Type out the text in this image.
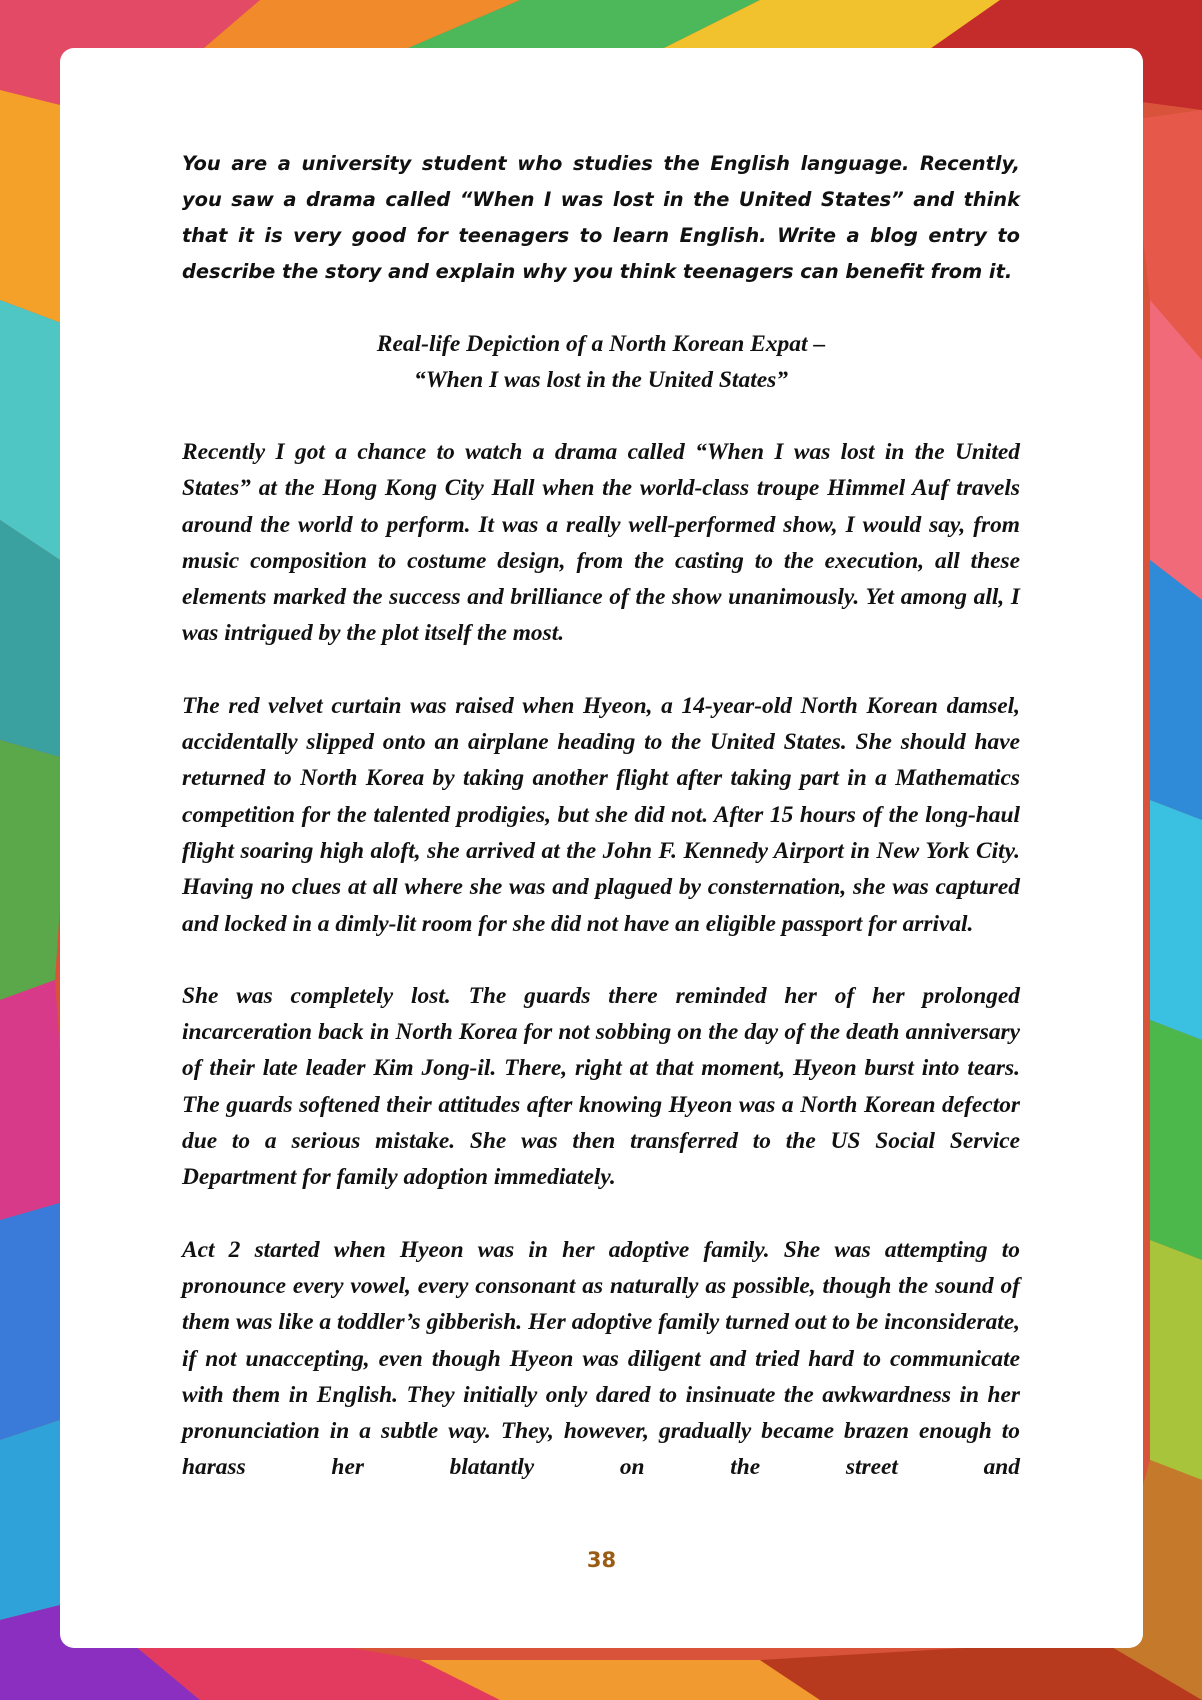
You are a university student who studies the English language. Recently, you saw a drama called “When I was lost in the United States” and think that it is very good for teenagers to learn English. Write a blog entry to describe the story and explain why you think teenagers can benefit from it.

Real-life Depiction of a North Korean Expat –
“When I was lost in the United States”

Recently I got a chance to watch a drama called “When I was lost in the United States” at the Hong Kong City Hall when the world-class troupe Himmel Auf travels around the world to perform. It was a really well-performed show, I would say, from music composition to costume design, from the casting to the execution, all these elements marked the success and brilliance of the show unanimously. Yet among all, I was intrigued by the plot itself the most.

The red velvet curtain was raised when Hyeon, a 14-year-old North Korean damsel, accidentally slipped onto an airplane heading to the United States. She should have returned to North Korea by taking another flight after taking part in a Mathematics competition for the talented prodigies, but she did not. After 15 hours of the long-haul flight soaring high aloft, she arrived at the John F. Kennedy Airport in New York City. Having no clues at all where she was and plagued by consternation, she was captured and locked in a dimly-lit room for she did not have an eligible passport for arrival.

She was completely lost. The guards there reminded her of her prolonged incarceration back in North Korea for not sobbing on the day of the death anniversary of their late leader Kim Jong-il. There, right at that moment, Hyeon burst into tears. The guards softened their attitudes after knowing Hyeon was a North Korean defector due to a serious mistake. She was then transferred to the US Social Service Department for family adoption immediately.

Act 2 started when Hyeon was in her adoptive family. She was attempting to pronounce every vowel, every consonant as naturally as possible, though the sound of them was like a toddler’s gibberish. Her adoptive family turned out to be inconsiderate, if not unaccepting, even though Hyeon was diligent and tried hard to communicate with them in English. They initially only dared to insinuate the awkwardness in her pronunciation in a subtle way. They, however, gradually became brazen enough to harass her blatantly on the street and

38
